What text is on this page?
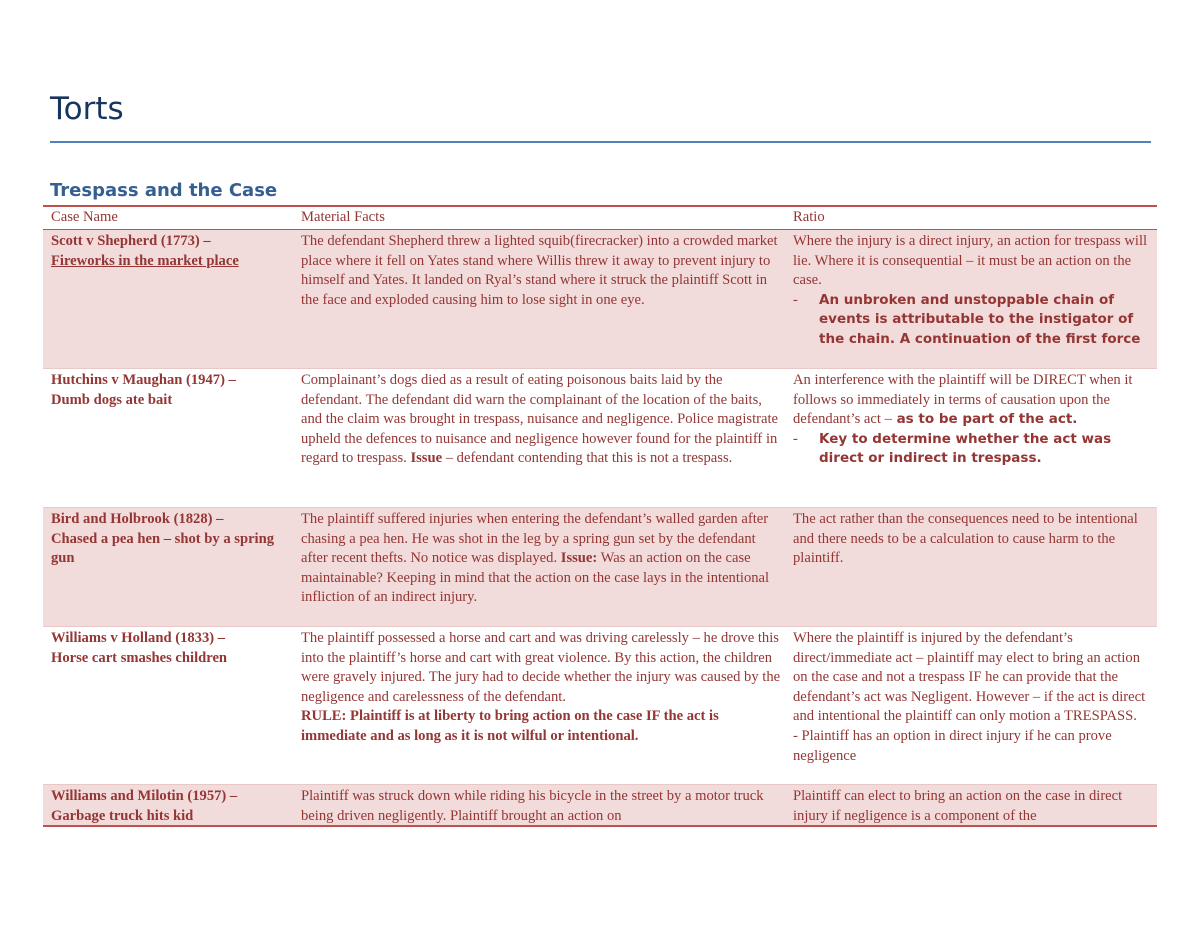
Torts
Trespass and the Case
Case Name	Material Facts	Ratio
Scott v Shepherd (1773) –
Fireworks in the market place
The defendant Shepherd threw a lighted squib(firecracker) into a crowded market place where it fell on Yates stand where Willis threw it away to prevent injury to himself and Yates. It landed on Ryal’s stand where it struck the plaintiff Scott in the face and exploded causing him to lose sight in one eye.
Where the injury is a direct injury, an action for trespass will lie. Where it is consequential – it must be an action on the case.
- An unbroken and unstoppable chain of events is attributable to the instigator of the chain. A continuation of the first force
Hutchins v Maughan (1947) –
Dumb dogs ate bait
Complainant’s dogs died as a result of eating poisonous baits laid by the defendant. The defendant did warn the complainant of the location of the baits, and the claim was brought in trespass, nuisance and negligence. Police magistrate upheld the defences to nuisance and negligence however found for the plaintiff in regard to trespass. Issue – defendant contending that this is not a trespass.
An interference with the plaintiff will be DIRECT when it follows so immediately in terms of causation upon the defendant’s act – as to be part of the act.
- Key to determine whether the act was direct or indirect in trespass.
Bird and Holbrook (1828) –
Chased a pea hen – shot by a spring gun
The plaintiff suffered injuries when entering the defendant’s walled garden after chasing a pea hen. He was shot in the leg by a spring gun set by the defendant after recent thefts. No notice was displayed. Issue: Was an action on the case maintainable? Keeping in mind that the action on the case lays in the intentional infliction of an indirect injury.
The act rather than the consequences need to be intentional and there needs to be a calculation to cause harm to the plaintiff.
Williams v Holland (1833) –
Horse cart smashes children
The plaintiff possessed a horse and cart and was driving carelessly – he drove this into the plaintiff’s horse and cart with great violence. By this action, the children were gravely injured. The jury had to decide whether the injury was caused by the negligence and carelessness of the defendant.
RULE: Plaintiff is at liberty to bring action on the case IF the act is immediate and as long as it is not wilful or intentional.
Where the plaintiff is injured by the defendant’s direct/immediate act – plaintiff may elect to bring an action on the case and not a trespass IF he can provide that the defendant’s act was Negligent. However – if the act is direct and intentional the plaintiff can only motion a TRESPASS.
- Plaintiff has an option in direct injury if he can prove negligence
Williams and Milotin (1957) –
Garbage truck hits kid
Plaintiff was struck down while riding his bicycle in the street by a motor truck being driven negligently. Plaintiff brought an action on
Plaintiff can elect to bring an action on the case in direct injury if negligence is a component of the
